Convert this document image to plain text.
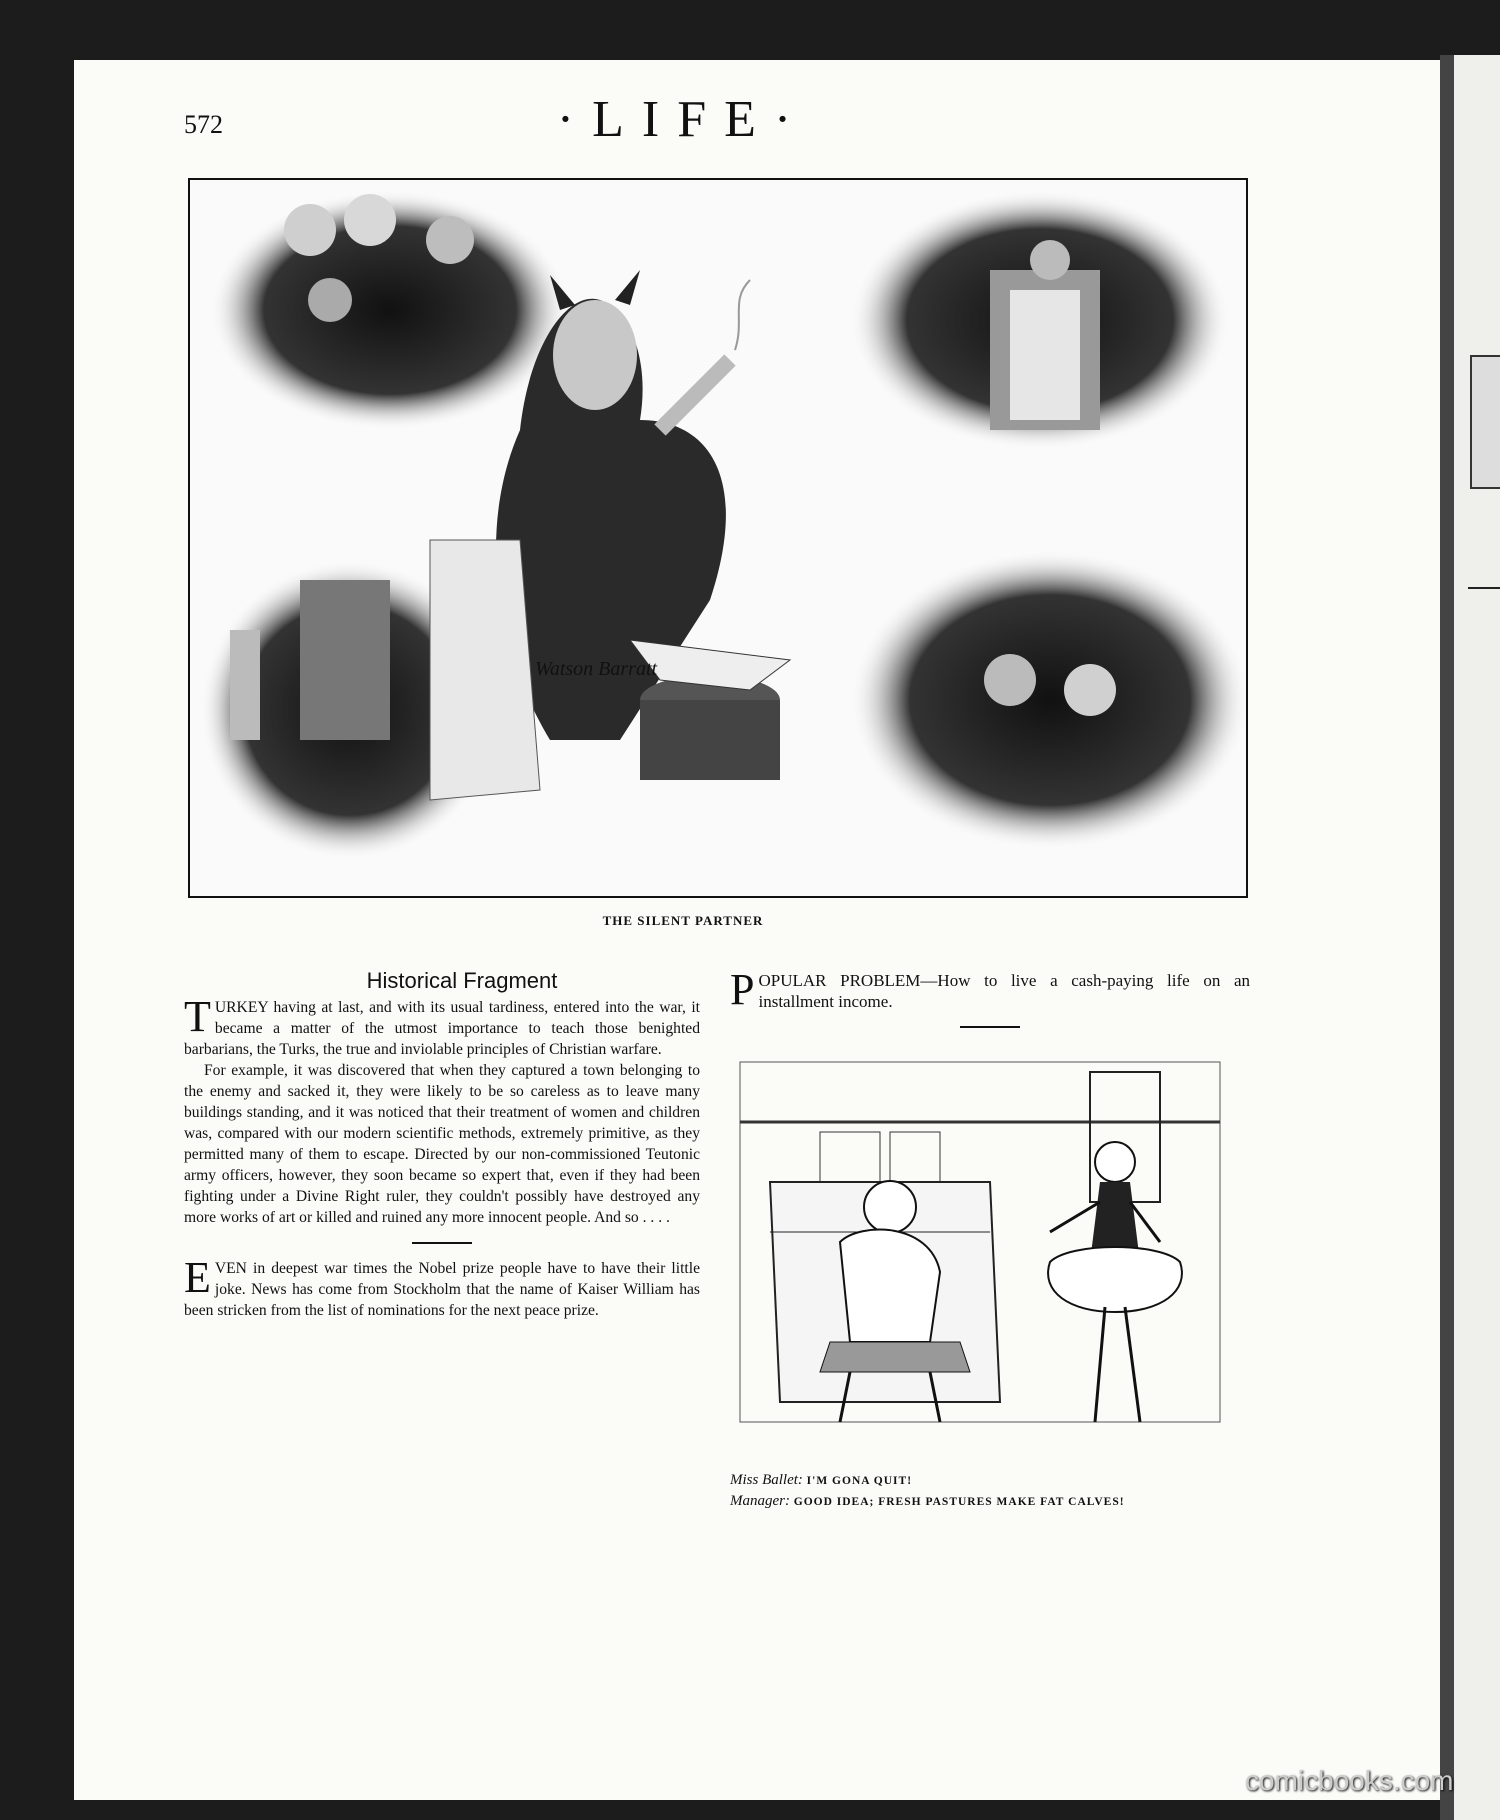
572	·LIFE·
Watson Barratt
THE SILENT PARTNER
Historical Fragment

TURKEY having at last, and with its usual tardiness, entered into the war, it became a matter of the utmost importance to teach those benighted barbarians, the Turks, the true and inviolable principles of Christian warfare.

For example, it was discovered that when they captured a town belonging to the enemy and sacked it, they were likely to be so careless as to leave many buildings standing, and it was noticed that their treatment of women and children was, compared with our modern scientific methods, extremely primitive, as they permitted many of them to escape. Directed by our non-commissioned Teutonic army officers, however, they soon became so expert that, even if they had been fighting under a Divine Right ruler, they couldn't possibly have destroyed any more works of art or killed and ruined any more innocent people. And so . . . .

EVEN in deepest war times the Nobel prize people have to have their little joke. News has come from Stockholm that the name of Kaiser William has been stricken from the list of nominations for the next peace prize.

POPULAR PROBLEM—How to live a cash-paying life on an installment income.

Miss Ballet: I'M GONA QUIT!
Manager: GOOD IDEA; FRESH PASTURES MAKE FAT CALVES!
comicbooks.com
